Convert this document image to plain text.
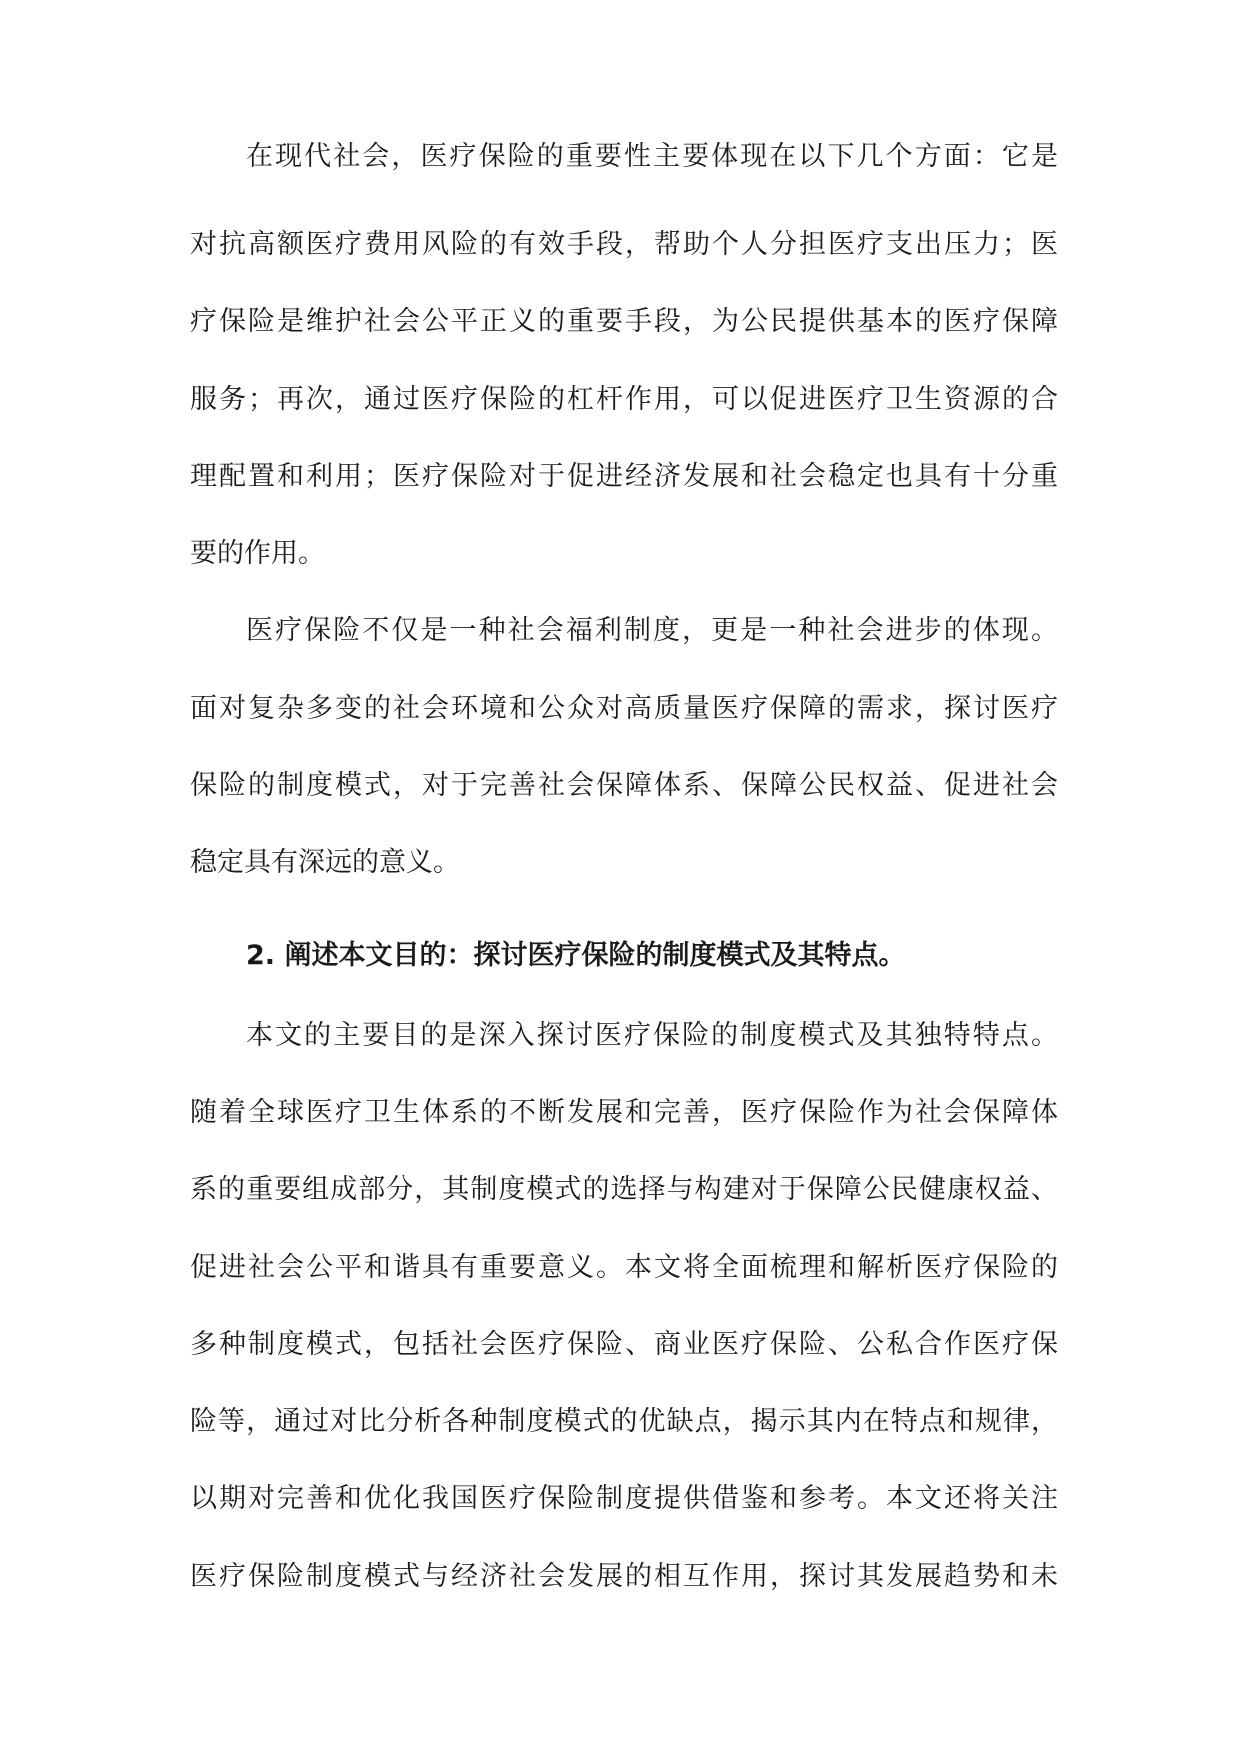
在现代社会，医疗保险的重要性主要体现在以下几个方面：它是
对抗高额医疗费用风险的有效手段，帮助个人分担医疗支出压力；医
疗保险是维护社会公平正义的重要手段，为公民提供基本的医疗保障
服务；再次，通过医疗保险的杠杆作用，可以促进医疗卫生资源的合
理配置和利用；医疗保险对于促进经济发展和社会稳定也具有十分重
要的作用。
医疗保险不仅是一种社会福利制度，更是一种社会进步的体现。
面对复杂多变的社会环境和公众对高质量医疗保障的需求，探讨医疗
保险的制度模式，对于完善社会保障体系、保障公民权益、促进社会
稳定具有深远的意义。
2. 阐述本文目的：探讨医疗保险的制度模式及其特点。
本文的主要目的是深入探讨医疗保险的制度模式及其独特特点。
随着全球医疗卫生体系的不断发展和完善，医疗保险作为社会保障体
系的重要组成部分，其制度模式的选择与构建对于保障公民健康权益、
促进社会公平和谐具有重要意义。本文将全面梳理和解析医疗保险的
多种制度模式，包括社会医疗保险、商业医疗保险、公私合作医疗保
险等，通过对比分析各种制度模式的优缺点，揭示其内在特点和规律，
以期对完善和优化我国医疗保险制度提供借鉴和参考。本文还将关注
医疗保险制度模式与经济社会发展的相互作用，探讨其发展趋势和未
